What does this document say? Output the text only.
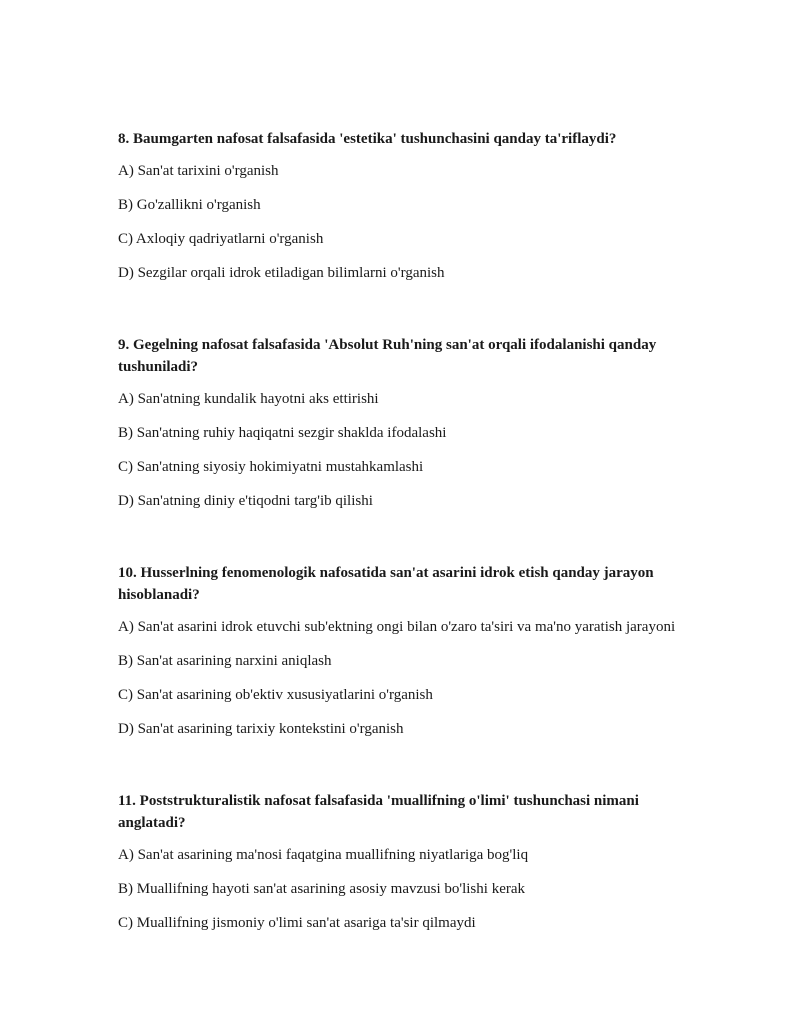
8. Baumgarten nafosat falsafasida 'estetika' tushunchasini qanday ta'riflaydi?

A) San'at tarixini o'rganish

B) Go'zallikni o'rganish

C) Axloqiy qadriyatlarni o'rganish

D) Sezgilar orqali idrok etiladigan bilimlarni o'rganish

9. Gegelning nafosat falsafasida 'Absolut Ruh'ning san'at orqali ifodalanishi qanday tushuniladi?

A) San'atning kundalik hayotni aks ettirishi

B) San'atning ruhiy haqiqatni sezgir shaklda ifodalashi

C) San'atning siyosiy hokimiyatni mustahkamlashi

D) San'atning diniy e'tiqodni targ'ib qilishi

10. Husserlning fenomenologik nafosatida san'at asarini idrok etish qanday jarayon hisoblanadi?

A) San'at asarini idrok etuvchi sub'ektning ongi bilan o'zaro ta'siri va ma'no yaratish jarayoni

B) San'at asarining narxini aniqlash

C) San'at asarining ob'ektiv xususiyatlarini o'rganish

D) San'at asarining tarixiy kontekstini o'rganish

11. Poststrukturalistik nafosat falsafasida 'muallifning o'limi' tushunchasi nimani anglatadi?

A) San'at asarining ma'nosi faqatgina muallifning niyatlariga bog'liq

B) Muallifning hayoti san'at asarining asosiy mavzusi bo'lishi kerak

C) Muallifning jismoniy o'limi san'at asariga ta'sir qilmaydi
